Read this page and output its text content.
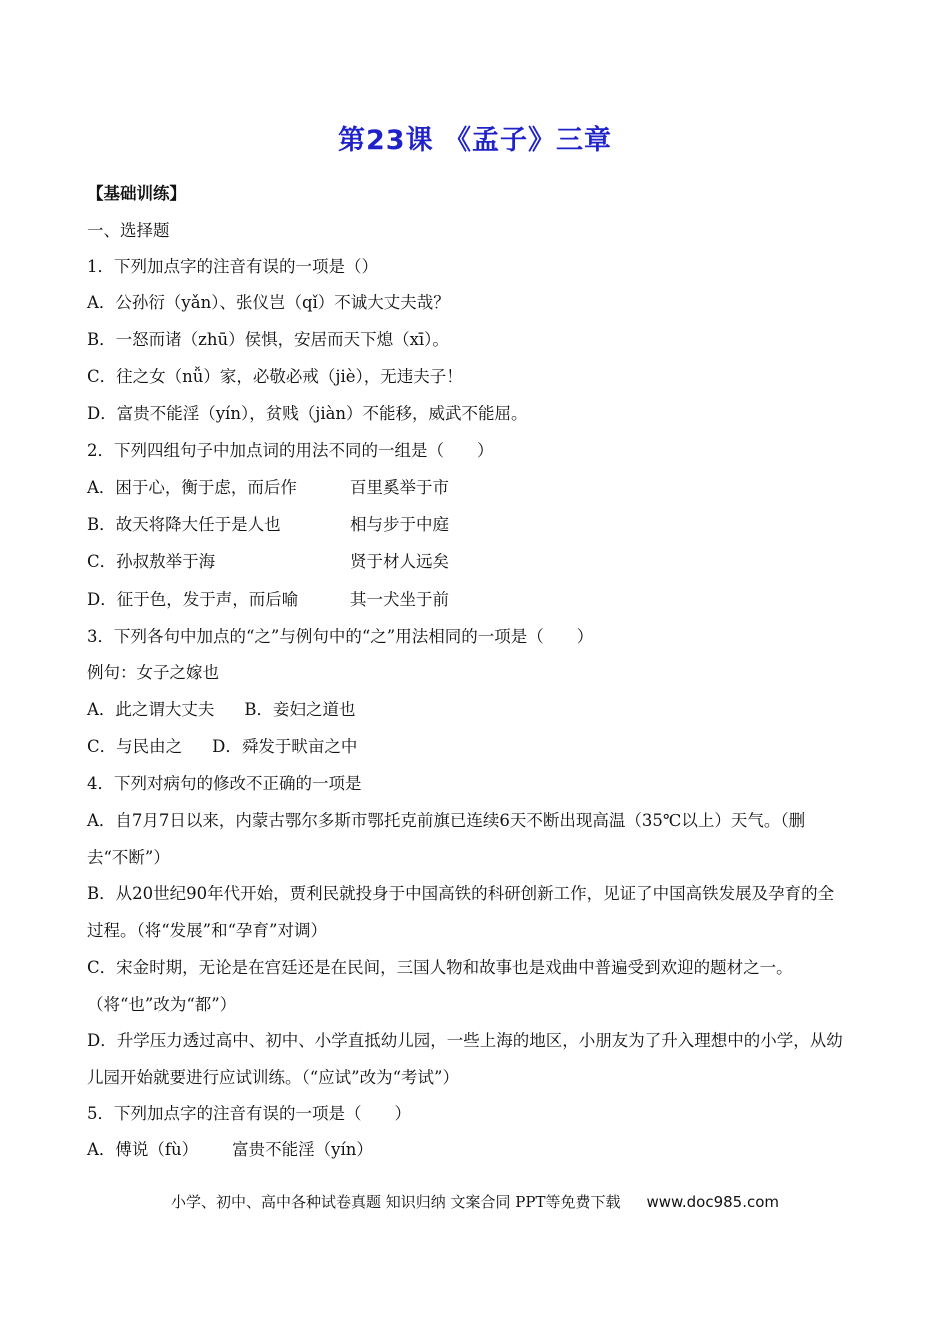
第23课 《孟子》三章
【基础训练】
一、选择题
1．下列加点字的注音有误的一项是（）
A．公孙衍（yǎn）、张仪岂（qǐ）不诚大丈夫哉？
B．一怒而诸（zhū）侯惧，安居而天下熄（xī）。
C．往之女（nǚ）家，必敬必戒（jiè），无违夫子！
D．富贵不能淫（yín），贫贱（jiàn）不能移，威武不能屈。
2．下列四组句子中加点词的用法不同的一组是（　　）
A．困于心，衡于虑，而后作	百里奚举于市
B．故天将降大任于是人也	相与步于中庭
C．孙叔敖举于海	贤于材人远矣
D．征于色，发于声，而后喻	其一犬坐于前
3．下列各句中加点的“之”与例句中的“之”用法相同的一项是（　　）
例句：女子之嫁也
A．此之谓大丈夫 B．妾妇之道也
C．与民由之 D．舜发于畎亩之中
4．下列对病句的修改不正确的一项是
A．自7月7日以来，内蒙古鄂尔多斯市鄂托克前旗已连续6天不断出现高温（35℃以上）天气。（删
去“不断”）
B．从20世纪90年代开始，贾利民就投身于中国高铁的科研创新工作，见证了中国高铁发展及孕育的全
过程。（将“发展”和“孕育”对调）
C．宋金时期，无论是在宫廷还是在民间，三国人物和故事也是戏曲中普遍受到欢迎的题材之一。
（将“也”改为“都”）
D．升学压力透过高中、初中、小学直抵幼儿园，一些上海的地区，小朋友为了升入理想中的小学，从幼
儿园开始就要进行应试训练。（“应试”改为“考试”）
5．下列加点字的注音有误的一项是（　　）
A．傅说（fù） 富贵不能淫（yín）
小学、初中、高中各种试卷真题 知识归纳 文案合同 PPT等免费下载 www.doc985.com
